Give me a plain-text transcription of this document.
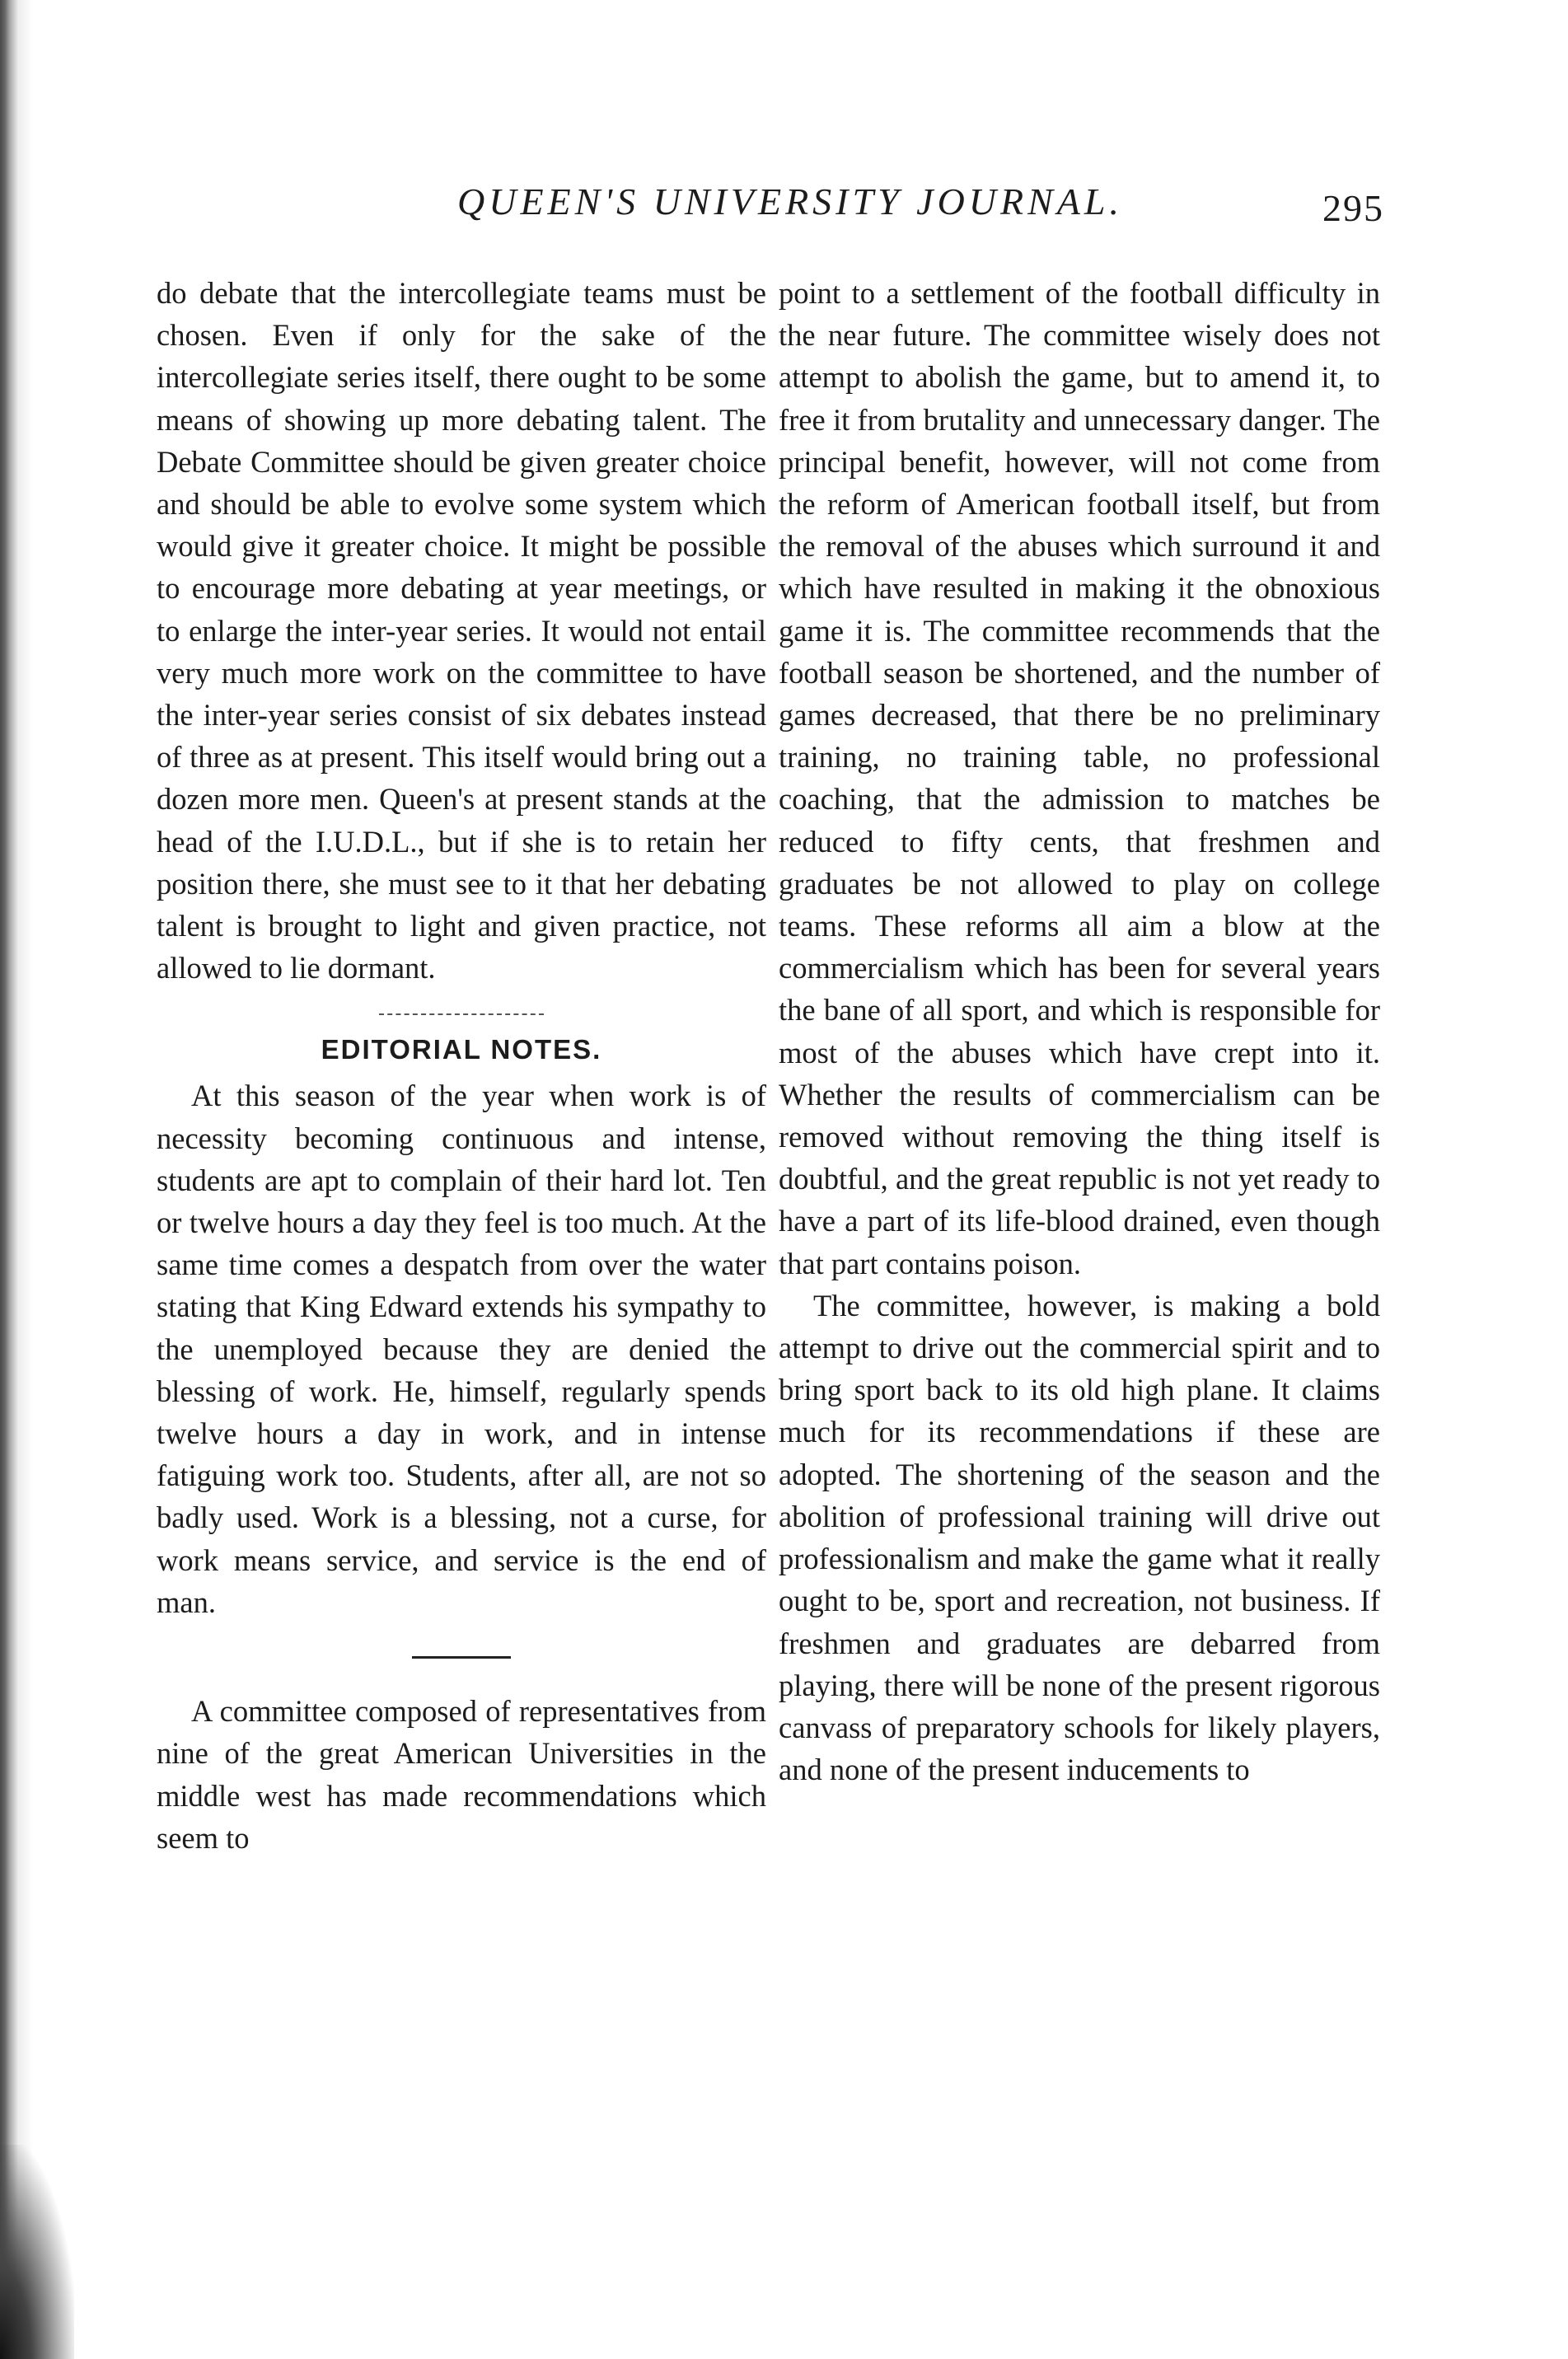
QUEEN'S UNIVERSITY JOURNAL.	295

do debate that the intercollegiate teams must be chosen. Even if only for the sake of the intercollegiate series itself, there ought to be some means of showing up more debating talent. The Debate Committee should be given greater choice and should be able to evolve some system which would give it greater choice. It might be possible to encourage more debating at year meetings, or to enlarge the inter-year series. It would not entail very much more work on the committee to have the inter-year series consist of six debates instead of three as at present. This itself would bring out a dozen more men. Queen's at present stands at the head of the I.U.D.L., but if she is to retain her position there, she must see to it that her debating talent is brought to light and given practice, not allowed to lie dormant.

EDITORIAL NOTES.

At this season of the year when work is of necessity becoming continuous and intense, students are apt to complain of their hard lot. Ten or twelve hours a day they feel is too much. At the same time comes a despatch from over the water stating that King Edward extends his sympathy to the unemployed because they are denied the blessing of work. He, himself, regularly spends twelve hours a day in work, and in intense fatiguing work too. Students, after all, are not so badly used. Work is a blessing, not a curse, for work means service, and service is the end of man.

A committee composed of representatives from nine of the great American Universities in the middle west has made recommendations which seem to

point to a settlement of the football difficulty in the near future. The committee wisely does not attempt to abolish the game, but to amend it, to free it from brutality and unnecessary danger. The principal benefit, however, will not come from the reform of American football itself, but from the removal of the abuses which surround it and which have resulted in making it the obnoxious game it is. The committee recommends that the football season be shortened, and the number of games decreased, that there be no preliminary training, no training table, no professional coaching, that the admission to matches be reduced to fifty cents, that freshmen and graduates be not allowed to play on college teams. These reforms all aim a blow at the commercialism which has been for several years the bane of all sport, and which is responsible for most of the abuses which have crept into it. Whether the results of commercialism can be removed without removing the thing itself is doubtful, and the great republic is not yet ready to have a part of its life-blood drained, even though that part contains poison.

The committee, however, is making a bold attempt to drive out the commercial spirit and to bring sport back to its old high plane. It claims much for its recommendations if these are adopted. The shortening of the season and the abolition of professional training will drive out professionalism and make the game what it really ought to be, sport and recreation, not business. If freshmen and graduates are debarred from playing, there will be none of the present rigorous canvass of preparatory schools for likely players, and none of the present inducements to
